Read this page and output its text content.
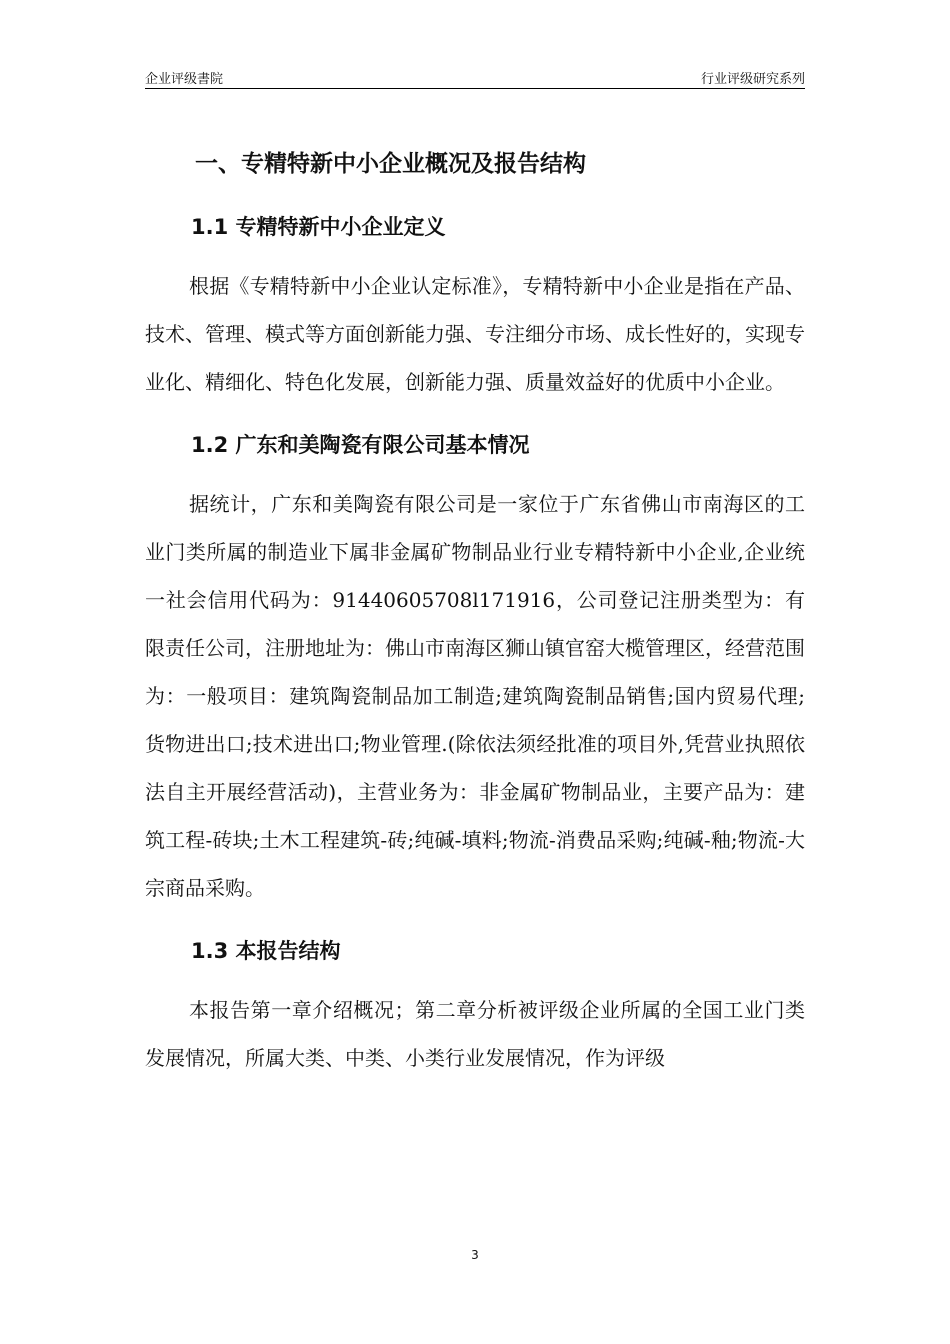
企业评级書院	行业评级研究系列
一、专精特新中小企业概况及报告结构
1.1 专精特新中小企业定义

根据《专精特新中小企业认定标准》，专精特新中小企业是指在产品、技术、管理、模式等方面创新能力强、专注细分市场、成长性好的，实现专业化、精细化、特色化发展，创新能力强、质量效益好的优质中小企业。

1.2 广东和美陶瓷有限公司基本情况

据统计，广东和美陶瓷有限公司是一家位于广东省佛山市南海区的工业门类所属的制造业下属非金属矿物制品业行业专精特新中小企业,企业统一社会信用代码为：91440605708l171916，公司登记注册类型为：有限责任公司，注册地址为：佛山市南海区狮山镇官窑大榄管理区，经营范围为：一般项目：建筑陶瓷制品加工制造;建筑陶瓷制品销售;国内贸易代理;货物进出口;技术进出口;物业管理.(除依法须经批准的项目外,凭营业执照依法自主开展经营活动)，主营业务为：非金属矿物制品业，主要产品为：建筑工程-砖块;土木工程建筑-砖;纯碱-填料;物流-消费品采购;纯碱-釉;物流-大宗商品采购。

1.3 本报告结构

本报告第一章介绍概况；第二章分析被评级企业所属的全国工业门类发展情况，所属大类、中类、小类行业发展情况，作为评级

3
